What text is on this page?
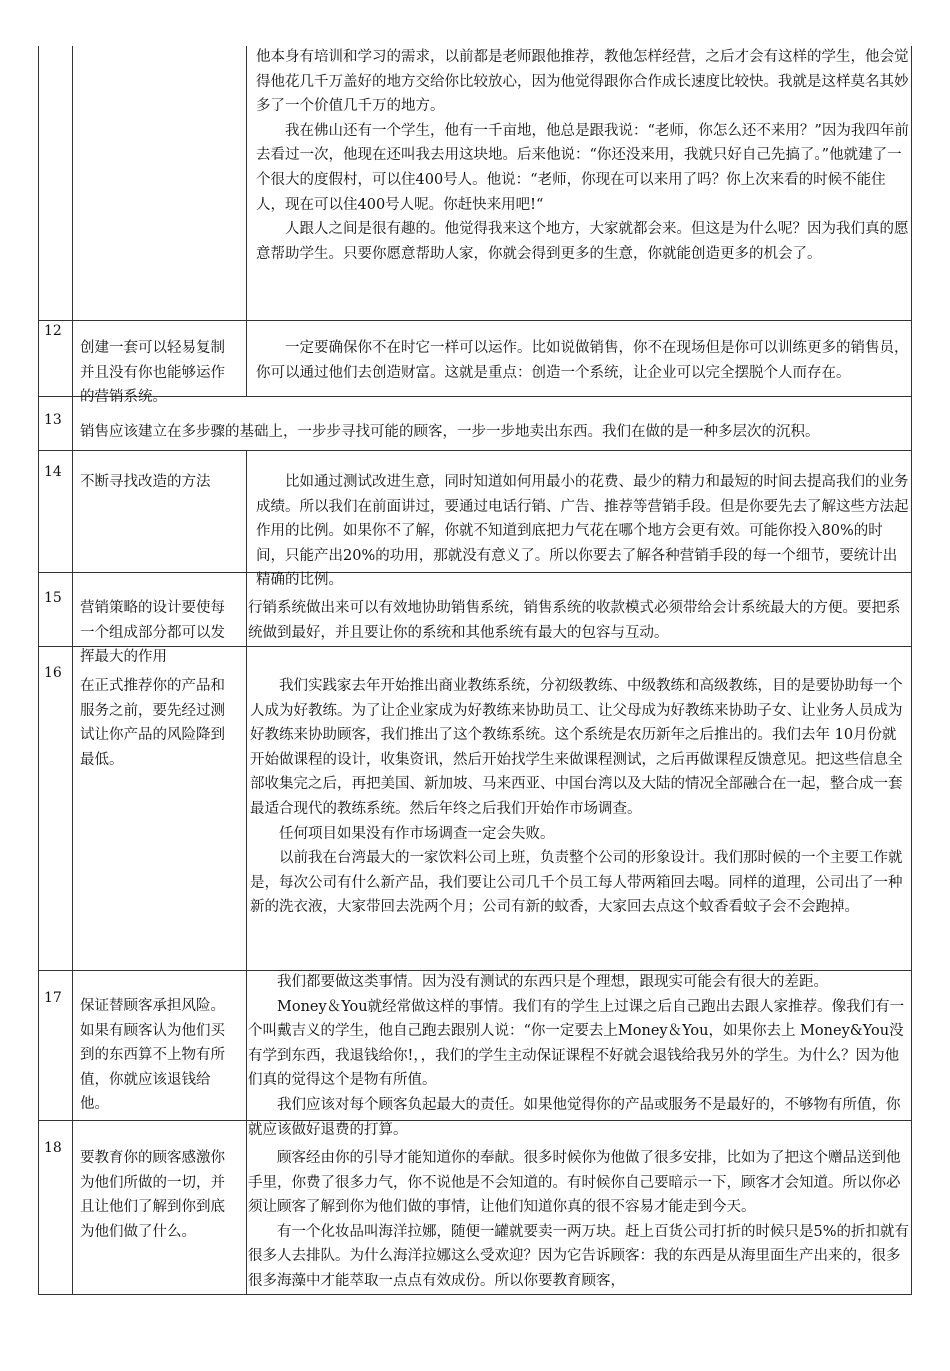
他本身有培训和学习的需求，以前都是老师跟他推荐，教他怎样经营，之后才会有这样的学生，他会觉得他花几千万盖好的地方交给你比较放心，因为他觉得跟你合作成长速度比较快。我就是这样莫名其妙多了一个价值几千万的地方。

我在佛山还有一个学生，他有一千亩地，他总是跟我说：“老师，你怎么还不来用？”因为我四年前去看过一次，他现在还叫我去用这块地。后来他说：“你还没来用，我就只好自己先搞了。”他就建了一个很大的度假村，可以住400号人。他说：“老师，你现在可以来用了吗？你上次来看的时候不能住人，现在可以住400号人呢。你赶快来用吧!“

人跟人之间是很有趣的。他觉得我来这个地方，大家就都会来。但这是为什么呢？因为我们真的愿意帮助学生。只要你愿意帮助人家，你就会得到更多的生意，你就能创造更多的机会了。

12
创建一套可以轻易复制并且没有你也能够运作的营销系统。

一定要确保你不在时它一样可以运作。比如说做销售，你不在现场但是你可以训练更多的销售员，你可以通过他们去创造财富。这就是重点：创造一个系统，让企业可以完全摆脱个人而存在。

13

销售应该建立在多步骤的基础上，一步步寻找可能的顾客，一步一步地卖出东西。我们在做的是一种多层次的沉积。

14
不断寻找改造的方法	比如通过测试改进生意，同时知道如何用最小的花费、最少的精力和最短的时间去提高我们的业务成绩。所以我们在前面讲过，要通过电话行销、广告、推荐等营销手段。但是你要先去了解这些方法起作用的比例。如果你不了解，你就不知道到底把力气花在哪个地方会更有效。可能你投入80%的时间，只能产出20%的功用，那就没有意义了。所以你要去了解各种营销手段的每一个细节，要统计出精确的比例。

15
营销策略的设计要使每一个组成部分都可以发挥最大的作用

行销系统做出来可以有效地协助销售系统，销售系统的收款模式必须带给会计系统最大的方便。要把系统做到最好，并且要让你的系统和其他系统有最大的包容与互动。

16
在正式推荐你的产品和服务之前，要先经过测试让你产品的风险降到最低。

我们实践家去年开始推出商业教练系统，分初级教练、中级教练和高级教练，目的是要协助每一个人成为好教练。为了让企业家成为好教练来协助员工、让父母成为好教练来协助子女、让业务人员成为好教练来协助顾客，我们推出了这个教练系统。这个系统是农历新年之后推出的。我们去年 10月份就开始做课程的设计，收集资讯，然后开始找学生来做课程测试，之后再做课程反馈意见。把这些信息全部收集完之后，再把美国、新加坡、马来西亚、中国台湾以及大陆的情况全部融合在一起，整合成一套最适合现代的教练系统。然后年终之后我们开始作市场调查。

任何项目如果没有作市场调查一定会失败。

以前我在台湾最大的一家饮料公司上班，负责整个公司的形象设计。我们那时候的一个主要工作就是，每次公司有什么新产品，我们要让公司几千个员工每人带两箱回去喝。同样的道理，公司出了一种新的洗衣液，大家带回去洗两个月；公司有新的蚊香，大家回去点这个蚊香看蚊子会不会跑掉。

17 保证替顾客承担风险。如果有顾客认为他们买到的东西算不上物有所值，你就应该退钱给他。

我们都要做这类事情。因为没有测试的东西只是个理想，跟现实可能会有很大的差距。

Money＆You就经常做这样的事情。我们有的学生上过课之后自己跑出去跟人家推荐。像我们有一个叫戴吉义的学生，他自己跑去跟别人说：“你一定要去上Money＆You，如果你去上 Money&You没有学到东西，我退钱给你!，，我们的学生主动保证课程不好就会退钱给我另外的学生。为什么？因为他们真的觉得这个是物有所值。

我们应该对每个顾客负起最大的责任。如果他觉得你的产品或服务不是最好的，不够物有所值，你就应该做好退费的打算。

18
要教育你的顾客感激你为他们所做的一切，并且让他们了解到你到底为他们做了什么。

顾客经由你的引导才能知道你的奉献。很多时候你为他做了很多安排，比如为了把这个赠品送到他手里，你费了很多力气，你不说他是不会知道的。有时候你自己要暗示一下，顾客才会知道。所以你必须让顾客了解到你为他们做的事情，让他们知道你真的很不容易才能走到今天。

有一个化妆品叫海洋拉娜，随便一罐就要卖一两万块。赶上百货公司打折的时候只是5%的折扣就有很多人去排队。为什么海洋拉娜这么受欢迎？因为它告诉顾客：我的东西是从海里面生产出来的，很多很多海藻中才能萃取一点点有效成份。所以你要教育顾客，
